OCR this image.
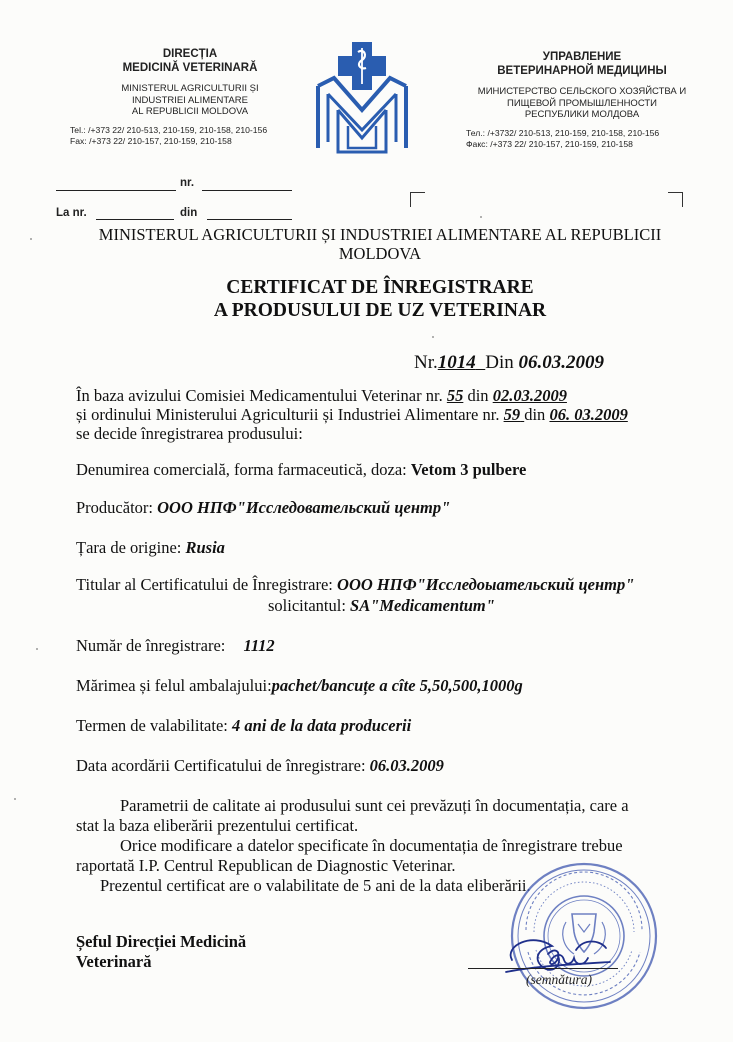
DIRECȚIA
MEDICINĂ VETERINARĂ
MINISTERUL AGRICULTURII ȘI
INDUSTRIEI ALIMENTARE
AL REPUBLICII MOLDOVA
Tel.: /+373 22/ 210-513, 210-159, 210-158, 210-156
Fax: /+373 22/ 210-157, 210-159, 210-158
УПРАВЛЕНИЕ
ВЕТЕРИНАРНОЙ МЕДИЦИНЫ
МИНИСТЕРСТВО СЕЛЬСКОГО ХОЗЯЙСТВА И
ПИЩЕВОЙ ПРОМЫШЛЕННОСТИ
РЕСПУБЛИКИ МОЛДОВА
Тел.: /+3732/ 210-513, 210-159, 210-158, 210-156
Факс: /+373 22/ 210-157, 210-159, 210-158
nr.
La nr.	din
MINISTERUL AGRICULTURII ȘI INDUSTRIEI ALIMENTARE AL REPUBLICII
MOLDOVA
CERTIFICAT DE ÎNREGISTRARE
A PRODUSULUI DE UZ VETERINAR
Nr.1014 Din 06.03.2009
În baza avizului Comisiei Medicamentului Veterinar nr. 55 din 02.03.2009
și ordinului Ministerului Agriculturii și Industriei Alimentare nr. 59 din 06. 03.2009
se decide înregistrarea produsului:
Denumirea comercială, forma farmaceutică, doza: Vetom 3 pulbere
Producător: ООО НПФ"Исследовательский центр"
Țara de origine: Rusia
Titular al Certificatului de Înregistrare: ООО НПФ"Исследоыательский центр"
solicitantul: SA"Medicamentum"
Număr de înregistrare: 1112
Mărimea și felul ambalajului:pachet/bancuțe a cîte 5,50,500,1000g
Termen de valabilitate: 4 ani de la data producerii
Data acordării Certificatului de înregistrare: 06.03.2009
Parametrii de calitate ai produsului sunt cei prevăzuți în documentația, care a
stat la baza eliberării prezentului certificat.
Orice modificare a datelor specificate în documentația de înregistrare trebue
raportată I.P. Centrul Republican de Diagnostic Veterinar.
Prezentul certificat are o valabilitate de 5 ani de la data eliberării.
Șeful Direcției Medicină
Veterinară
(semnătura)
